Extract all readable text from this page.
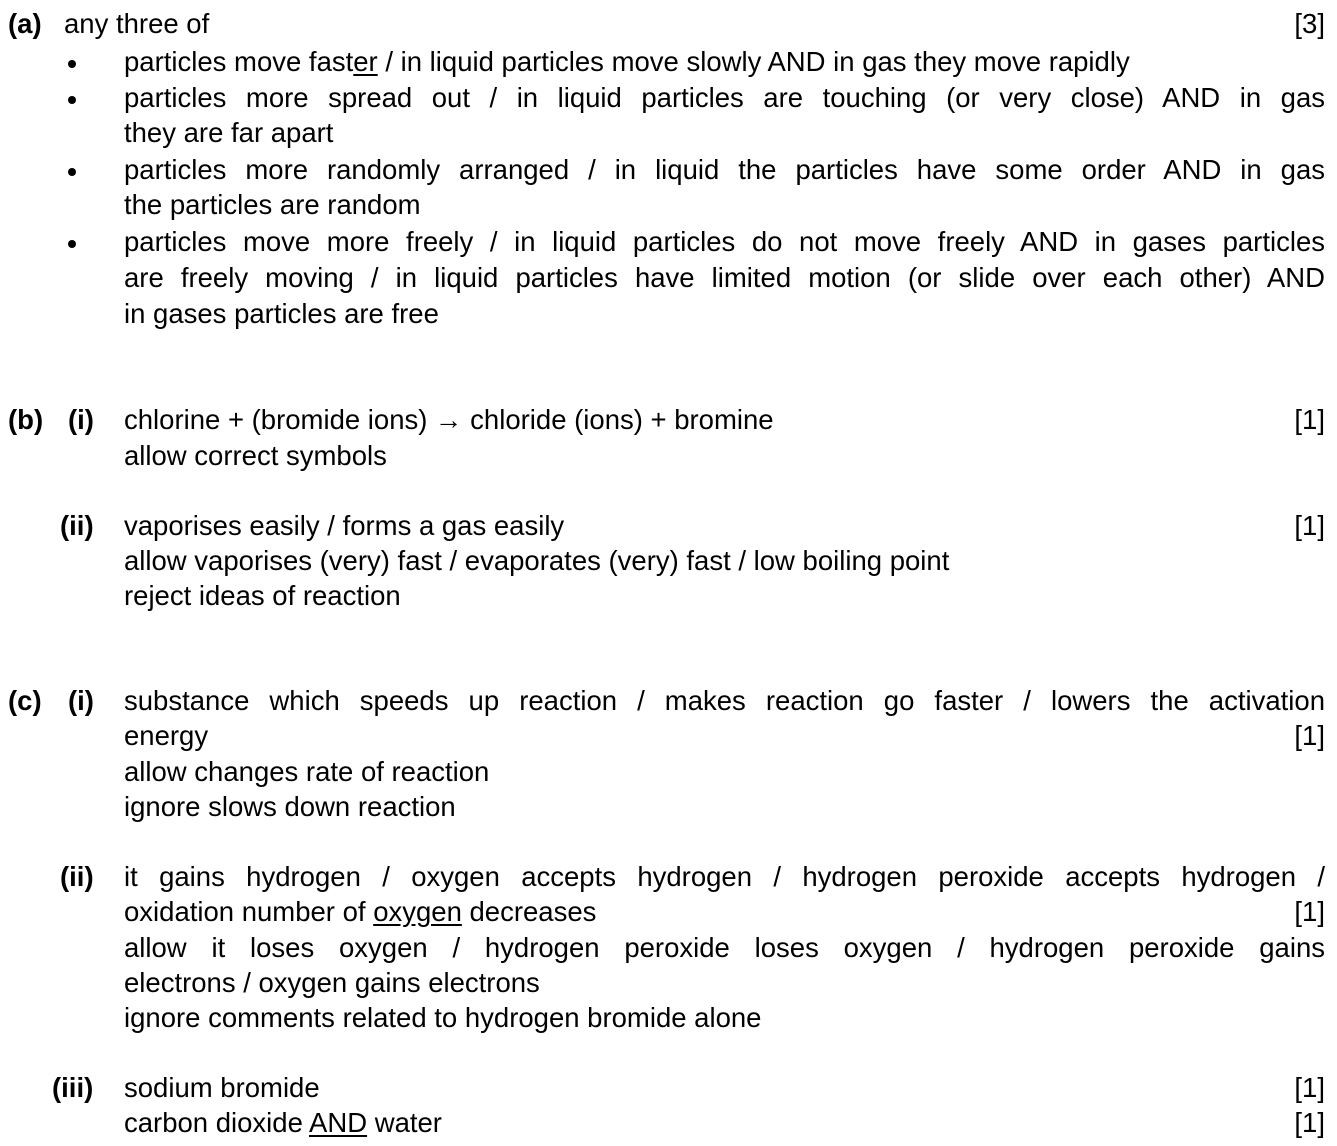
(a) any three of	[3]
particles move faster / in liquid particles move slowly AND in gas they move rapidly
particles more spread out / in liquid particles are touching (or very close) AND in gas
they are far apart
particles more randomly arranged / in liquid the particles have some order AND in gas
the particles are random
particles move more freely / in liquid particles do not move freely AND in gases particles
are freely moving / in liquid particles have limited motion (or slide over each other) AND
in gases particles are free
(b) (i) chlorine + (bromide ions) → chloride (ions) + bromine	[1]
allow correct symbols
(ii) vaporises easily / forms a gas easily	[1]
allow vaporises (very) fast / evaporates (very) fast / low boiling point
reject ideas of reaction
(c) (i) substance which speeds up reaction / makes reaction go faster / lowers the activation
energy	[1]
allow changes rate of reaction
ignore slows down reaction
(ii) it gains hydrogen / oxygen accepts hydrogen / hydrogen peroxide accepts hydrogen /
oxidation number of oxygen decreases	[1]
allow it loses oxygen / hydrogen peroxide loses oxygen / hydrogen peroxide gains
electrons / oxygen gains electrons
ignore comments related to hydrogen bromide alone
(iii) sodium bromide	[1]
carbon dioxide AND water	[1]
